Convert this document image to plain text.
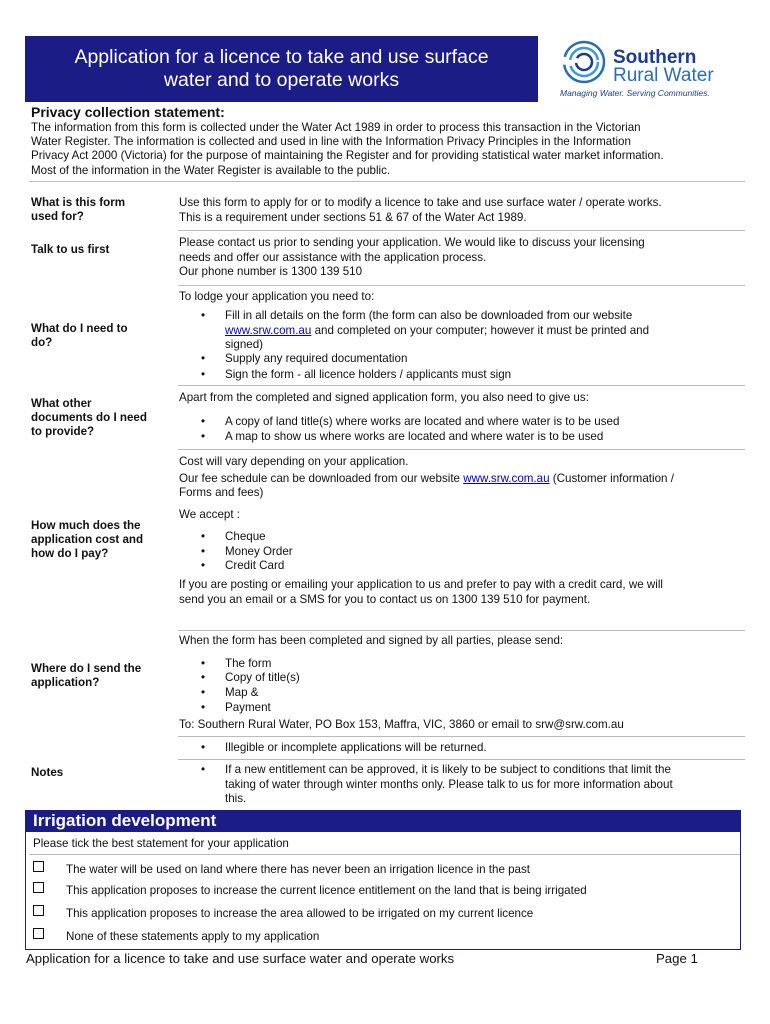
Application for a licence to take and use surface
water and to operate works
Southern
Rural Water
Managing Water. Serving Communities.
Privacy collection statement:
The information from this form is collected under the Water Act 1989 in order to process this transaction in the Victorian
Water Register. The information is collected and used in line with the Information Privacy Principles in the Information
Privacy Act 2000 (Victoria) for the purpose of maintaining the Register and for providing statistical water market information.
Most of the information in the Water Register is available to the public.
What is this form
used for?
Use this form to apply for or to modify a licence to take and use surface water / operate works.
This is a requirement under sections 51 & 67 of the Water Act 1989.
Talk to us first
Please contact us prior to sending your application. We would like to discuss your licensing
needs and offer our assistance with the application process.
Our phone number is 1300 139 510
What do I need to
do?
To lodge your application you need to:
• Fill in all details on the form (the form can also be downloaded from our website
www.srw.com.au and completed on your computer; however it must be printed and
signed)
• Supply any required documentation
• Sign the form - all licence holders / applicants must sign
What other
documents do I need
to provide?
Apart from the completed and signed application form, you also need to give us:
• A copy of land title(s) where works are located and where water is to be used
• A map to show us where works are located and where water is to be used
How much does the
application cost and
how do I pay?
Cost will vary depending on your application.
Our fee schedule can be downloaded from our website www.srw.com.au (Customer information /
Forms and fees)
We accept :
• Cheque
• Money Order
• Credit Card
If you are posting or emailing your application to us and prefer to pay with a credit card, we will
send you an email or a SMS for you to contact us on 1300 139 510 for payment.
Where do I send the
application?
When the form has been completed and signed by all parties, please send:
• The form
• Copy of title(s)
• Map &
• Payment
To: Southern Rural Water, PO Box 153, Maffra, VIC, 3860 or email to srw@srw.com.au
Notes
• Illegible or incomplete applications will be returned.
• If a new entitlement can be approved, it is likely to be subject to conditions that limit the
taking of water through winter months only. Please talk to us for more information about
this.
Irrigation development
Please tick the best statement for your application
The water will be used on land where there has never been an irrigation licence in the past
This application proposes to increase the current licence entitlement on the land that is being irrigated
This application proposes to increase the area allowed to be irrigated on my current licence
None of these statements apply to my application
Application for a licence to take and use surface water and operate works	Page 1
